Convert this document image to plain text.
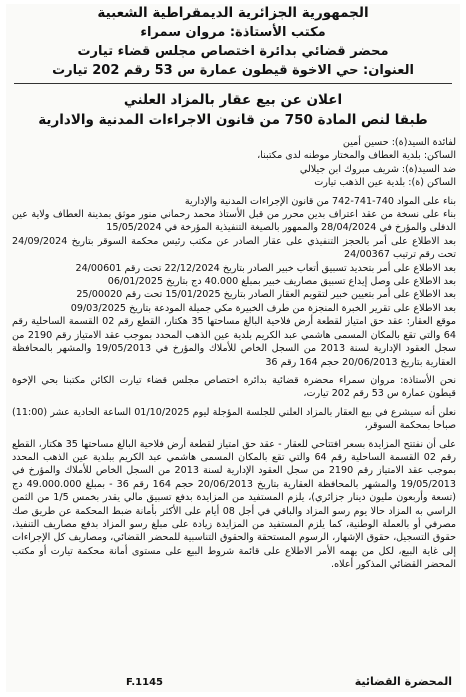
الجمهورية الجزائرية الديمقراطية الشعبية

مكتب الأستاذة: مروان سمراء

محضر قضائي بدائرة اختصاص مجلس قضاء تيارت

العنوان: حي الاخوة قيطون عمارة س 53 رقم 202 تيارت

اعلان عن بيع عقار بالمزاد العلني

طبقا لنص المادة 750 من قانون الاجراءات المدنية والادارية

لفائدة السيد(ة): حسين أمين

الساكن: بلدية العطاف والمختار موطنه لدى مكتبنا،

ضد السيد(ة): شريف مبروك ابن جيلالي

الساكن (ة): بلدية عين الذهب تيارت

بناء على المواد 740-741-742 من قانون الإجراءات المدنية والإدارية

بناء على نسخة من عقد اعتراف بدين محرر من قبل الأستاذ محمد رحماني منور موثق بمدينة العطاف ولاية عين الدفلى والمؤرخ في 28/04/2024 والممهور بالصيغة التنفيذية المؤرخة في 15/05/2024

بعد الاطلاع على أمر بالحجز التنفيذي على عقار الصادر عن مكتب رئيس محكمة السوقر بتاريخ 24/09/2024 تحت رقم ترتيب 24/00367

بعد الاطلاع على أمر بتحديد تسبيق أتعاب خبير الصادر بتاريخ 22/12/2024 تحت رقم 24/00601

بعد الاطلاع على وصل إيداع تسبيق مصاريف خبير بمبلغ 40.000 دج بتاريخ 06/01/2025

بعد الاطلاع على أمر بتعيين خبير لتقويم العقار الصادر بتاريخ 15/01/2025 تحت رقم 25/00020

بعد الاطلاع على تقرير الخبرة المنجزة من طرف الخبيرة مكي جميلة المودعة بتاريخ 09/03/2025

موقع العقار: عقد حق امتياز لقطعة أرض فلاحية البالغ مساحتها 35 هكتار، القطع رقم 02 القسمة الساحلية رقم 64 والتي تقع بالمكان المسمى هاشمي عبد الكريم بلدية عين الذهب المحدد بموجب عقد الامتياز رقم 2190 من سجل العقود الإدارية لسنة 2013 من السجل الخاص للأملاك والمؤرخ في 19/05/2013 والمشهر بالمحافظة العقارية بتاريخ 20/06/2013 حجم 164 رقم 36

نحن الأستاذة: مروان سمراء محضرة قضائية بدائرة اختصاص مجلس قضاء تيارت الكائن مكتبنا بحي الإخوة قيطون عمارة س 53 رقم 202 تيارت،

نعلن أنه سيشرع في بيع العقار بالمزاد العلني للجلسة المؤجلة ليوم 01/10/2025 الساعة الحادية عشر (11:00) صباحا بمحكمة السوقر،

على أن نفتتح المزايدة بسعر افتتاحي للعقار - عقد حق امتياز لقطعة أرض فلاحية البالغ مساحتها 35 هكتار، القطع رقم 02 القسمة الساحلية رقم 64 والتي تقع بالمكان المسمى هاشمي عبد الكريم ببلدية عين الذهب المحدد بموجب عقد الامتياز رقم 2190 من سجل العقود الإدارية لسنة 2013 من السجل الخاص للأملاك والمؤرخ في 19/05/2013 والمشهر بالمحافظة العقارية بتاريخ 20/06/2013 حجم 164 رقم 36 - بمبلغ 49.000.000 دج (تسعة وأربعون مليون دينار جزائري)، يلزم المستفيد من المزايدة بدفع تسبيق مالي يقدر بخمس 1/5 من الثمن الراسي به المزاد حالا يوم رسو المزاد والباقي في أجل 08 أيام على الأكثر بأمانة ضبط المحكمة عن طريق صك مصرفي أو بالعملة الوطنية، كما يلزم المستفيد من المزايدة زيادة على مبلغ رسو المزاد بدفع مصاريف التنفيذ، حقوق التسجيل، حقوق الإشهار، الرسوم المستحقة والحقوق التناسبية للمحضر القضائي، ومصاريف كل الإجراءات إلى غاية البيع، لكل من يهمه الأمر الاطلاع على قائمة شروط البيع على مستوى أمانة محكمة تيارت أو مكتب المحضر القضائي المذكور أعلاه.

المحضرة القضائية
F.1145
